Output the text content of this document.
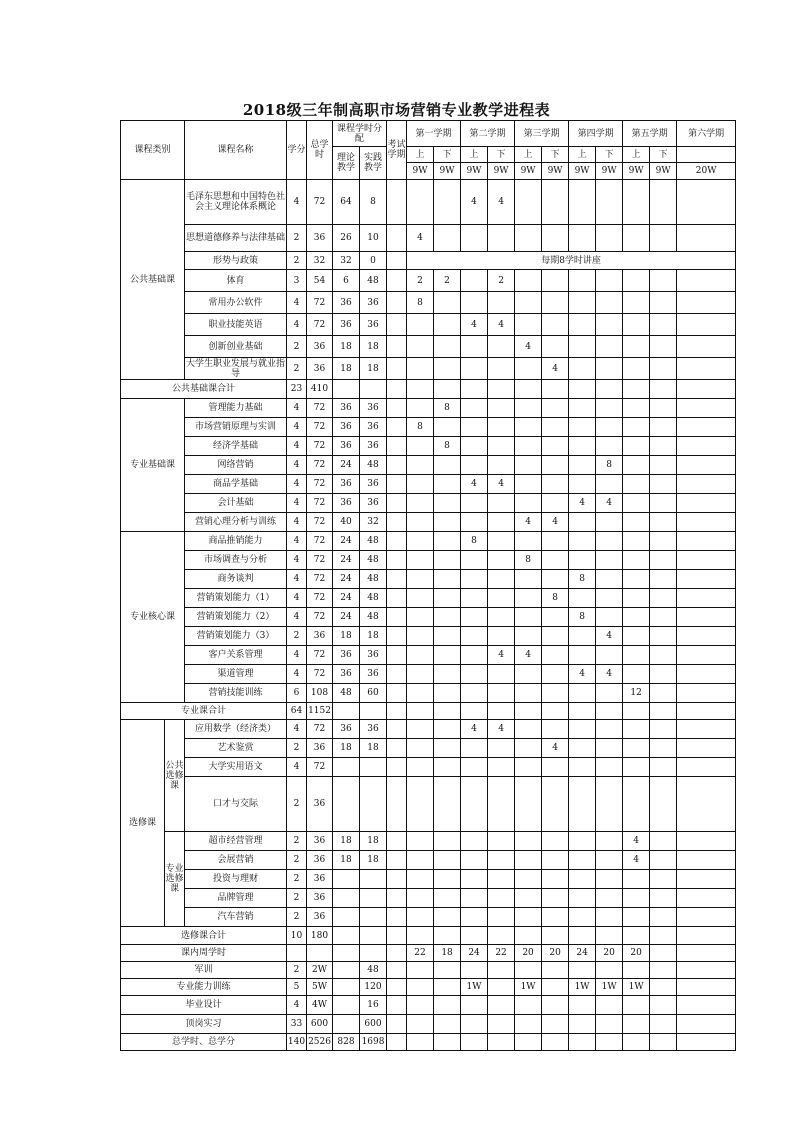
2018级三年制高职市场营销专业教学进程表
课程类别		课程名称	学分	总学时	课程学时分配		考试学期	第一学期		第二学期		第三学期		第四学期		第五学期		第六学期
					理论教学	实践教学		上	下	上	下	上	下	上	下	上	下	
								9W	9W	9W	9W	9W	9W	9W	9W	9W	9W	20W
公共基础课		毛泽东思想和中国特色社会主义理论体系概论	4	72	64	8				4	4							
		思想道德修养与法律基础	2	36	26	10		4										
		形势与政策	2	32	32	0		每期8学时讲座										
		体育	3	54	6	48		2	2		2							
		常用办公软件	4	72	36	36		8										
		职业技能英语	4	72	36	36				4	4							
		创新创业基础	2	36	18	18						4						
		大学生职业发展与就业指导	2	36	18	18							4					
公共基础课合计			23	410														
专业基础课		管理能力基础	4	72	36	36			8									
		市场营销原理与实训	4	72	36	36		8										
		经济学基础	4	72	36	36			8									
		网络营销	4	72	24	48									8			
		商品学基础	4	72	36	36				4	4							
		会计基础	4	72	36	36								4	4			
		营销心理分析与训练	4	72	40	32						4	4					
专业核心课		商品推销能力	4	72	24	48				8								
		市场调查与分析	4	72	24	48						8						
		商务谈判	4	72	24	48								8				
		营销策划能力（1）	4	72	24	48							8					
		营销策划能力（2）	4	72	24	48								8				
		营销策划能力（3）	2	36	18	18									4			
		客户关系管理	4	72	36	36					4	4						
		渠道管理	4	72	36	36								4	4			
		营销技能训练	6	108	48	60										12		
专业课合计			64	1152														
选修课	公共选修课	应用数学（经济类）	4	72	36	36				4	4							
		艺术鉴赏	2	36	18	18							4					
		大学实用语文	4	72														
		口才与交际	2	36														
	专业选修课	超市经营管理	2	36	18	18										4		
		会展营销	2	36	18	18										4		
		投资与理财	2	36														
		品牌管理	2	36														
		汽车营销	2	36														
选修课合计			10	180														
课内周学时								22	18	24	22	20	20	24	20	20		
军训			2	2W		48												
专业能力训练			5	5W		120				1W		1W		1W	1W	1W		
毕业设计			4	4W		16												
顶岗实习			33	600		600												
总学时、总学分			140	2526	828	1698												
